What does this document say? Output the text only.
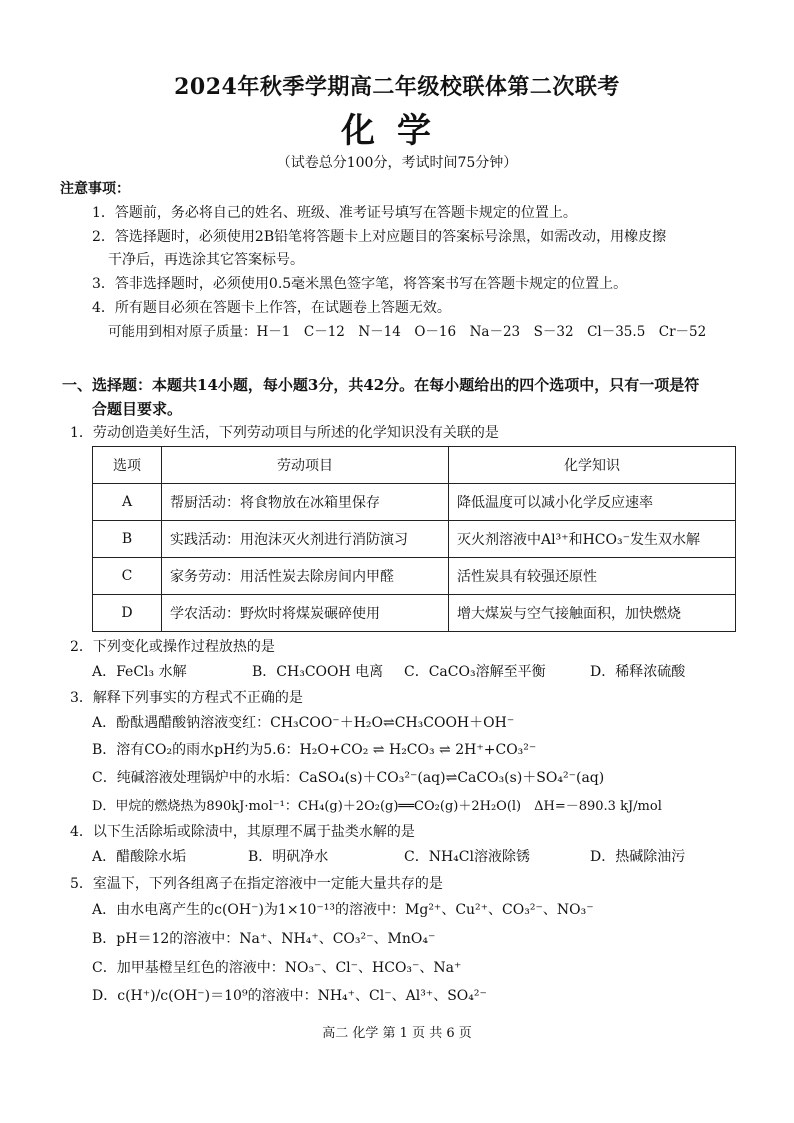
2024年秋季学期高二年级校联体第二次联考
化学
（试卷总分100分，考试时间75分钟）
注意事项：
1．答题前，务必将自己的姓名、班级、准考证号填写在答题卡规定的位置上。
2．答选择题时，必须使用2B铅笔将答题卡上对应题目的答案标号涂黑，如需改动，用橡皮擦
干净后，再选涂其它答案标号。
3．答非选择题时，必须使用0.5毫米黑色签字笔，将答案书写在答题卡规定的位置上。
4．所有题目必须在答题卡上作答，在试题卷上答题无效。
可能用到相对原子质量：H－1　C－12　N－14　O－16　Na－23　S－32　Cl－35.5　Cr－52
一、选择题：本题共14小题，每小题3分，共42分。在每小题给出的四个选项中，只有一项是符
合题目要求。
1．劳动创造美好生活，下列劳动项目与所述的化学知识没有关联的是
选项	劳动项目	化学知识
A	帮厨活动：将食物放在冰箱里保存	降低温度可以减小化学反应速率
B	实践活动：用泡沫灭火剂进行消防演习	灭火剂溶液中Al³⁺和HCO₃⁻发生双水解
C	家务劳动：用活性炭去除房间内甲醛	活性炭具有较强还原性
D	学农活动：野炊时将煤炭碾碎使用	增大煤炭与空气接触面积，加快燃烧
2．下列变化或操作过程放热的是
A．FeCl₃ 水解	B．CH₃COOH 电离 C．CaCO₃溶解至平衡	D．稀释浓硫酸
3．解释下列事实的方程式不正确的是
A．酚酞遇醋酸钠溶液变红：CH₃COO⁻＋H₂O⇌CH₃COOH＋OH⁻
B．溶有CO₂的雨水pH约为5.6：H₂O+CO₂ ⇌ H₂CO₃ ⇌ 2H⁺+CO₃²⁻
C．纯碱溶液处理锅炉中的水垢：CaSO₄(s)＋CO₃²⁻(aq)⇌CaCO₃(s)＋SO₄²⁻(aq)
D．甲烷的燃烧热为890kJ·mol⁻¹：CH₄(g)＋2O₂(g)══CO₂(g)＋2H₂O(l)　ΔH=－890.3 kJ/mol
4．以下生活除垢或除渍中，其原理不属于盐类水解的是
A．醋酸除水垢	B．明矾净水	C．NH₄Cl溶液除锈	D．热碱除油污
5．室温下，下列各组离子在指定溶液中一定能大量共存的是
A．由水电离产生的c(OH⁻)为1×10⁻¹³的溶液中：Mg²⁺、Cu²⁺、CO₃²⁻、NO₃⁻
B．pH＝12的溶液中：Na⁺、NH₄⁺、CO₃²⁻、MnO₄⁻
C．加甲基橙呈红色的溶液中：NO₃⁻、Cl⁻、HCO₃⁻、Na⁺
D．c(H⁺)/c(OH⁻)＝10⁹的溶液中：NH₄⁺、Cl⁻、Al³⁺、SO₄²⁻
高二 化学 第 1 页 共 6 页
